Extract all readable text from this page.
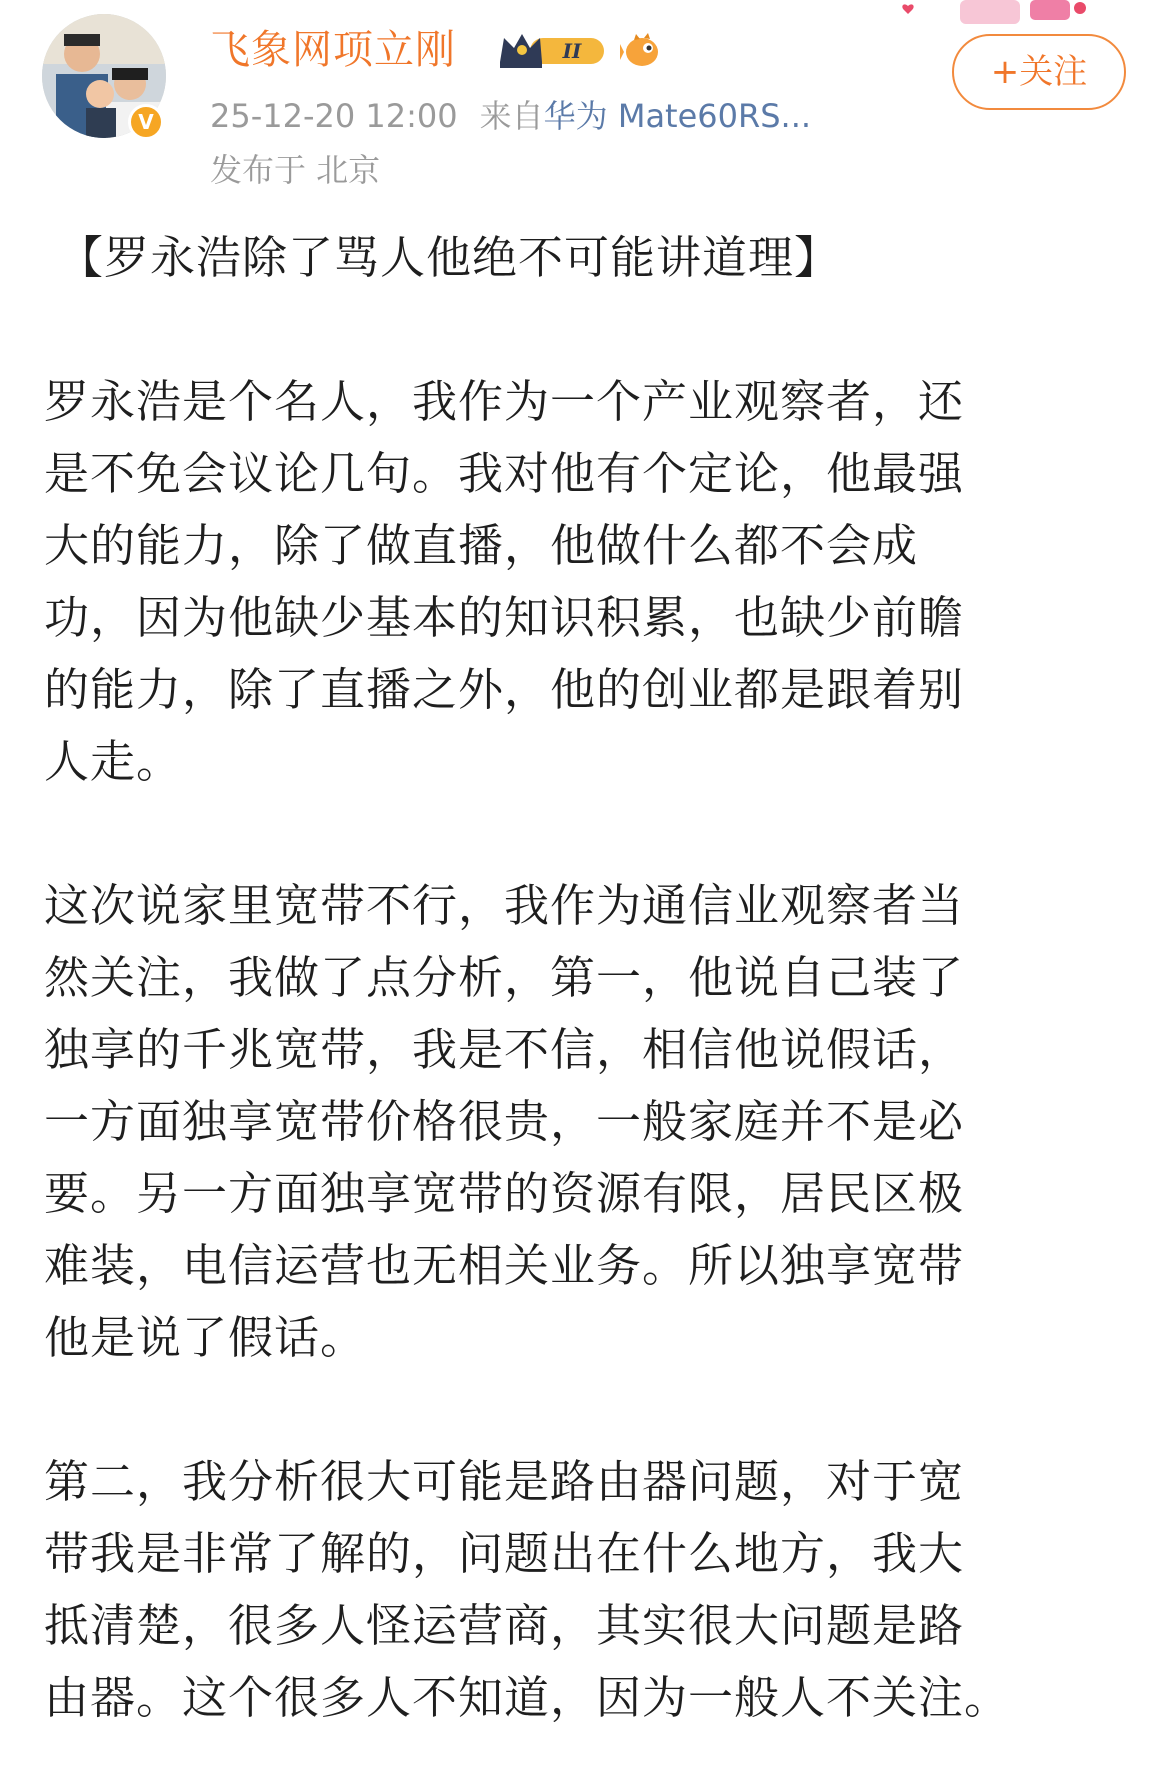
V
飞象网项立刚	II
25-12-20 12:00 来自华为 Mate60RS...
发布于 北京
+关注

【罗永浩除了骂人他绝不可能讲道理】

罗永浩是个名人，我作为一个产业观察者，还
是不免会议论几句。我对他有个定论，他最强
大的能力，除了做直播，他做什么都不会成
功，因为他缺少基本的知识积累，也缺少前瞻
的能力，除了直播之外，他的创业都是跟着别
人走。

这次说家里宽带不行，我作为通信业观察者当
然关注，我做了点分析，第一，他说自己装了
独享的千兆宽带，我是不信，相信他说假话，
一方面独享宽带价格很贵，一般家庭并不是必
要。另一方面独享宽带的资源有限，居民区极
难装，电信运营也无相关业务。所以独享宽带
他是说了假话。

第二，我分析很大可能是路由器问题，对于宽
带我是非常了解的，问题出在什么地方，我大
抵清楚，很多人怪运营商，其实很大问题是路
由器。这个很多人不知道，因为一般人不关注。
